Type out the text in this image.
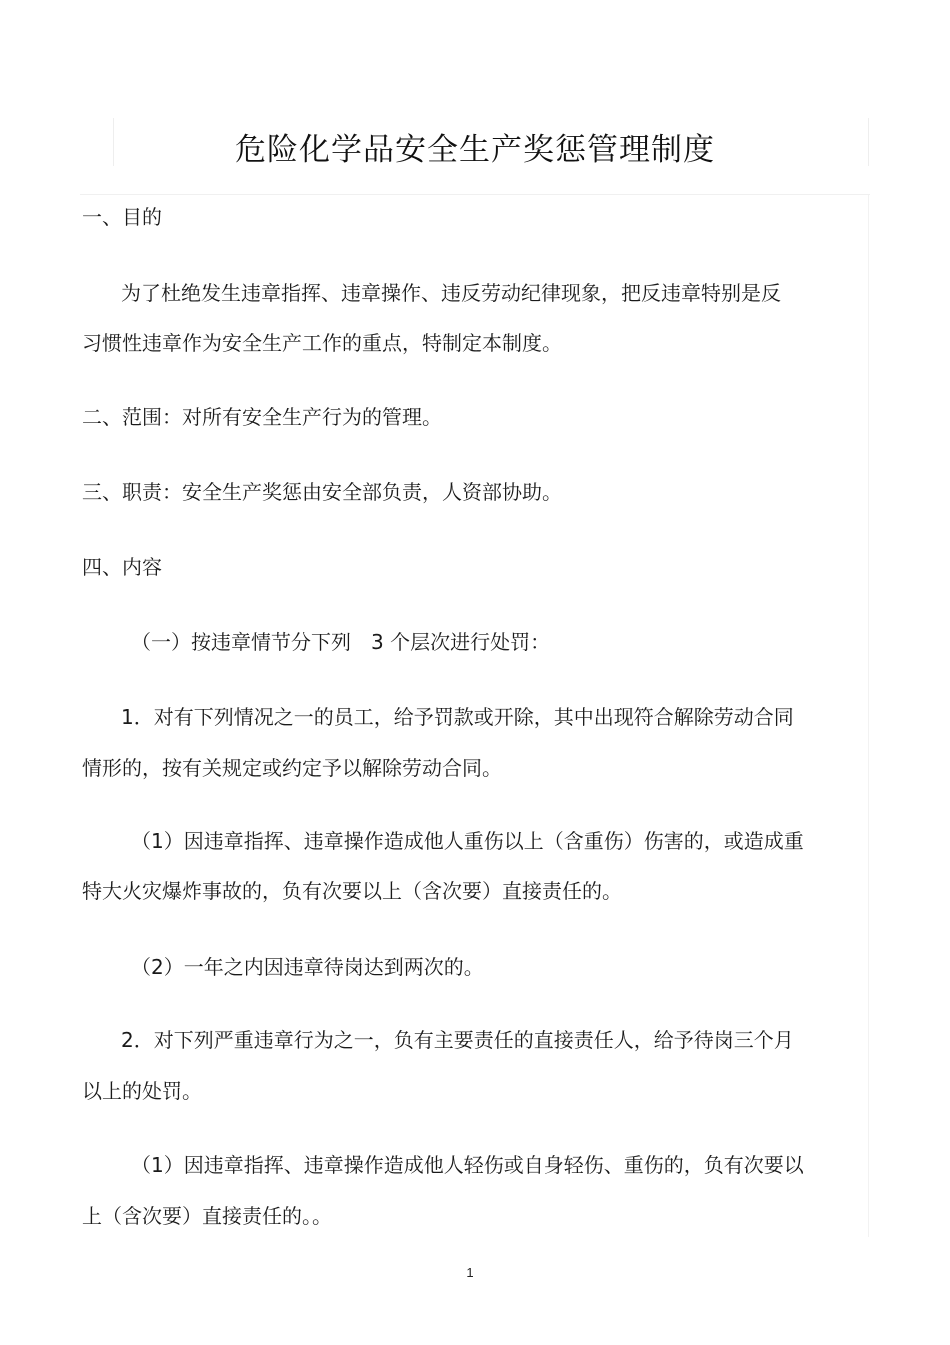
危险化学品安全生产奖惩管理制度

一、目的

为了杜绝发生违章指挥、违章操作、违反劳动纪律现象，把反违章特别是反

习惯性违章作为安全生产工作的重点，特制定本制度。

二、范围：对所有安全生产行为的管理。

三、职责：安全生产奖惩由安全部负责，人资部协助。

四、内容

（一）按违章情节分下列　3 个层次进行处罚：

1．对有下列情况之一的员工，给予罚款或开除，其中出现符合解除劳动合同

情形的，按有关规定或约定予以解除劳动合同。

（1）因违章指挥、违章操作造成他人重伤以上（含重伤）伤害的，或造成重

特大火灾爆炸事故的，负有次要以上（含次要）直接责任的。

（2）一年之内因违章待岗达到两次的。

2．对下列严重违章行为之一，负有主要责任的直接责任人，给予待岗三个月

以上的处罚。

（1）因违章指挥、违章操作造成他人轻伤或自身轻伤、重伤的，负有次要以

上（含次要）直接责任的。。

1
